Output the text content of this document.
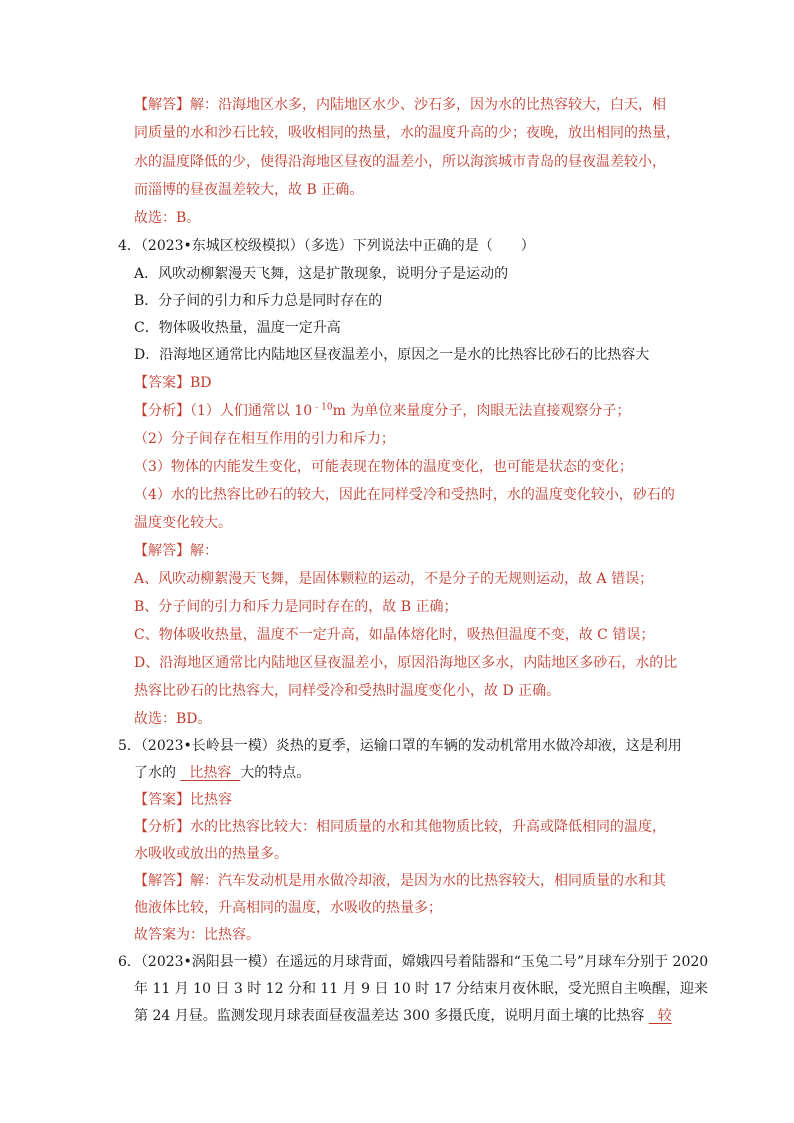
【解答】解：沿海地区水多，内陆地区水少、沙石多，因为水的比热容较大，白天，相
同质量的水和沙石比较，吸收相同的热量，水的温度升高的少；夜晚，放出相同的热量，
水的温度降低的少，使得沿海地区昼夜的温差小，所以海滨城市青岛的昼夜温差较小，
而淄博的昼夜温差较大，故 B 正确。
故选：B。
4．（2023•东城区校级模拟）（多选）下列说法中正确的是（　　）
A．风吹动柳絮漫天飞舞，这是扩散现象，说明分子是运动的
B．分子间的引力和斥力总是同时存在的
C．物体吸收热量，温度一定升高
D．沿海地区通常比内陆地区昼夜温差小，原因之一是水的比热容比砂石的比热容大
【答案】BD
【分析】（1）人们通常以 $10^{﹣10}m$ 为单位来量度分子，肉眼无法直接观察分子；
（2）分子间存在相互作用的引力和斥力；
（3）物体的内能发生变化，可能表现在物体的温度变化，也可能是状态的变化；
（4）水的比热容比砂石的较大，因此在同样受冷和受热时，水的温度变化较小，砂石的
温度变化较大。
【解答】解：
A、风吹动柳絮漫天飞舞，是固体颗粒的运动，不是分子的无规则运动，故 A 错误；
B、分子间的引力和斥力是同时存在的，故 B 正确；
C、物体吸收热量，温度不一定升高，如晶体熔化时，吸热但温度不变，故 C 错误；
D、沿海地区通常比内陆地区昼夜温差小，原因沿海地区多水，内陆地区多砂石，水的比
热容比砂石的比热容大，同样受冷和受热时温度变化小，故 D 正确。
故选：BD。
5．（2023•长岭县一模）炎热的夏季，运输口罩的车辆的发动机常用水做冷却液，这是利用
了水的   比热容  大的特点。
【答案】比热容
【分析】水的比热容比较大：相同质量的水和其他物质比较，升高或降低相同的温度，
水吸收或放出的热量多。
【解答】解：汽车发动机是用水做冷却液，是因为水的比热容较大，相同质量的水和其
他液体比较，升高相同的温度，水吸收的热量多；
故答案为：比热容。
6．（2023•涡阳县一模）在遥远的月球背面，嫦娥四号着陆器和“玉兔二号”月球车分别于 2020
年 11 月 10 日 3 时 12 分和 11 月 9 日 10 时 17 分结束月夜休眠，受光照自主唤醒，迎来
第 24 月昼。监测发现月球表面昼夜温差达 300 多摄氏度，说明月面土壤的比热容   较
